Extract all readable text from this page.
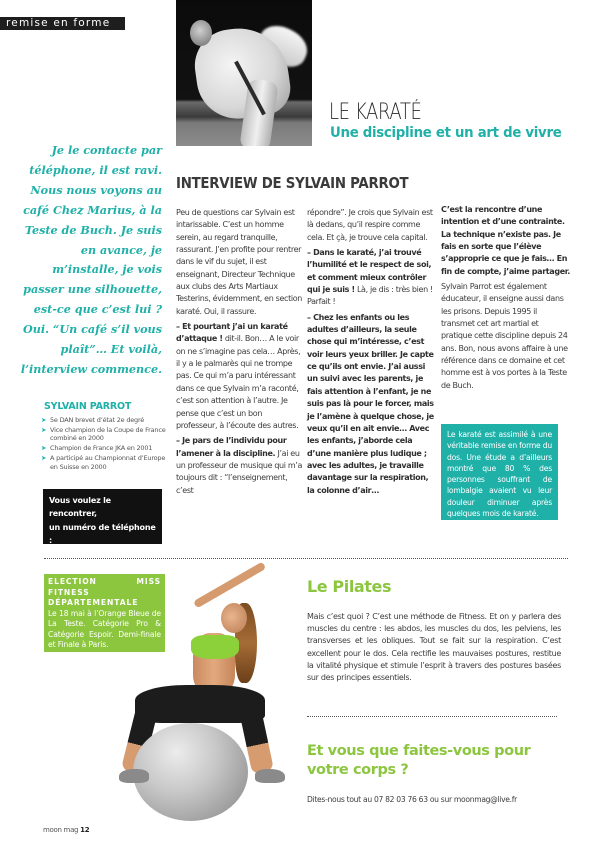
remise en forme
LE KARATÉ
Une discipline et un art de vivre
Je le contacte par téléphone, il est ravi. Nous nous voyons au café Chez Marius, à la Teste de Buch. Je suis en avance, je m’installe, je vois passer une silhouette, est-ce que c’est lui ? Oui. “Un café s’il vous plaît”… Et voilà, l’interview commence.
INTERVIEW DE SYLVAIN PARROT

Peu de questions car Sylvain est intarissable. C’est un homme serein, au regard tranquille, rassurant. J’en profite pour rentrer dans le vif du sujet, il est enseignant, Directeur Technique aux clubs des Arts Martiaux Testerins, évidemment, en section karaté. Oui, il rassure.

– Et pourtant j’ai un karaté d’attaque ! dit-il. Bon… A le voir on ne s’imagine pas cela… Après, il y a le palmarès qui ne trompe pas. Ce qui m’a paru intéressant dans ce que Sylvain m’a raconté, c’est son attention à l’autre. Je pense que c’est un bon professeur, à l’écoute des autres.

– Je pars de l’individu pour l’amener à la discipline. J’ai eu un professeur de musique qui m’a toujours dit : “l’enseignement, c’est

répondre”. Je crois que Sylvain est là dedans, qu’il respire comme cela. Et çà, je trouve cela capital.

– Dans le karaté, j’ai trouvé l’humilité et le respect de soi, et comment mieux contrôler qui je suis ! Là, je dis : très bien ! Parfait !

– Chez les enfants ou les adultes d’ailleurs, la seule chose qui m’intéresse, c’est voir leurs yeux briller. Je capte ce qu’ils ont envie. J’ai aussi un suivi avec les parents, je fais attention à l’enfant, je ne suis pas là pour le forcer, mais je l’amène à quelque chose, je veux qu’il en ait envie… Avec les enfants, j’aborde cela d’une manière plus ludique ; avec les adultes, je travaille davantage sur la respiration, la colonne d’air…

C’est la rencontre d’une intention et d’une contrainte. La technique n’existe pas. Je fais en sorte que l’élève s’approprie ce que je fais… En fin de compte, j’aime partager.

Sylvain Parrot est également éducateur, il enseigne aussi dans les prisons. Depuis 1995 il transmet cet art martial et pratique cette discipline depuis 24 ans. Bon, nous avons affaire à une référence dans ce domaine et cet homme est à vos portes à la Teste de Buch.

SYLVAIN PARROT
➤ 5e DAN brevet d’état 2e degré
➤ Vice champion de la Coupe de France combiné en 2000
➤ Champion de France JKA en 2001
➤ A participé au Championnat d’Europe en Suisse en 2000
Vous voulez le rencontrer,
un numéro de téléphone :
06 62 74 29 94
Le karaté est assimilé à une véritable remise en forme du dos. Une étude a d’ailleurs montré que 80 % des personnes souffrant de lombalgie avaient vu leur douleur diminuer après quelques mois de karaté.
ELECTION MISS FITNESS DÉPARTEMENTALE
Le 18 mai à l’Orange Bleue de La Teste. Catégorie Pro & Catégorie Espoir. Demi-finale et Finale à Paris.
Le Pilates

Mais c’est quoi ? C’est une méthode de Fitness. Et on y parlera des muscles du centre : les abdos, les muscles du dos, les pelviens, les transverses et les obliques. Tout se fait sur la respiration. C’est excellent pour le dos. Cela rectifie les mauvaises postures, restitue la vitalité physique et stimule l’esprit à travers des postures basées sur des principes essentiels.

Et vous que faites-vous pour votre corps ?

Dites-nous tout au 07 82 03 76 63 ou sur moonmag@live.fr

moon mag 12
